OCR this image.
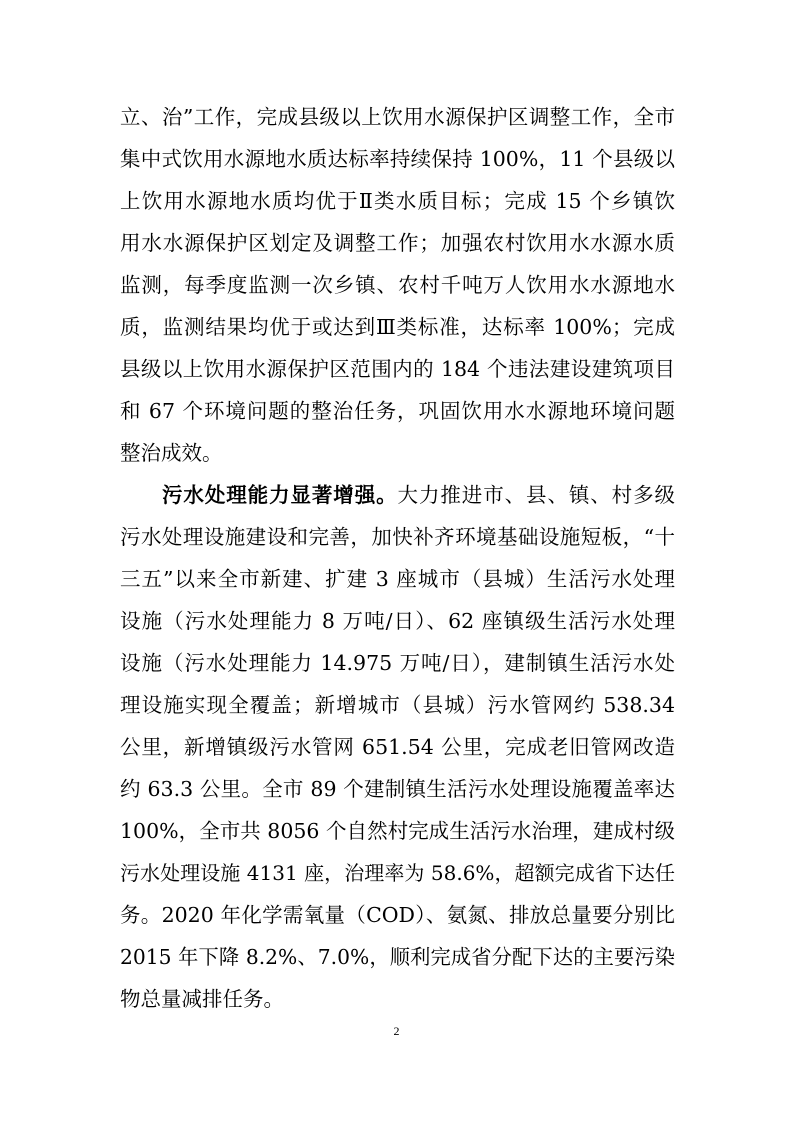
立、治”工作，完成县级以上饮用水源保护区调整工作，全市
集中式饮用水源地水质达标率持续保持 100%，11 个县级以
上饮用水源地水质均优于Ⅱ类水质目标；完成 15 个乡镇饮
用水水源保护区划定及调整工作；加强农村饮用水水源水质
监测，每季度监测一次乡镇、农村千吨万人饮用水水源地水
质，监测结果均优于或达到Ⅲ类标准，达标率 100%；完成
县级以上饮用水源保护区范围内的 184 个违法建设建筑项目
和 67 个环境问题的整治任务，巩固饮用水水源地环境问题
整治成效。
污水处理能力显著增强。大力推进市、县、镇、村多级
污水处理设施建设和完善，加快补齐环境基础设施短板，“十
三五”以来全市新建、扩建 3 座城市（县城）生活污水处理
设施（污水处理能力 8 万吨/日）、62 座镇级生活污水处理
设施（污水处理能力 14.975 万吨/日），建制镇生活污水处
理设施实现全覆盖；新增城市（县城）污水管网约 538.34
公里，新增镇级污水管网 651.54 公里，完成老旧管网改造
约 63.3 公里。全市 89 个建制镇生活污水处理设施覆盖率达
100%，全市共 8056 个自然村完成生活污水治理，建成村级
污水处理设施 4131 座，治理率为 58.6%，超额完成省下达任
务。2020 年化学需氧量（COD）、氨氮、排放总量要分别比
2015 年下降 8.2%、7.0%，顺利完成省分配下达的主要污染
物总量减排任务。
2
